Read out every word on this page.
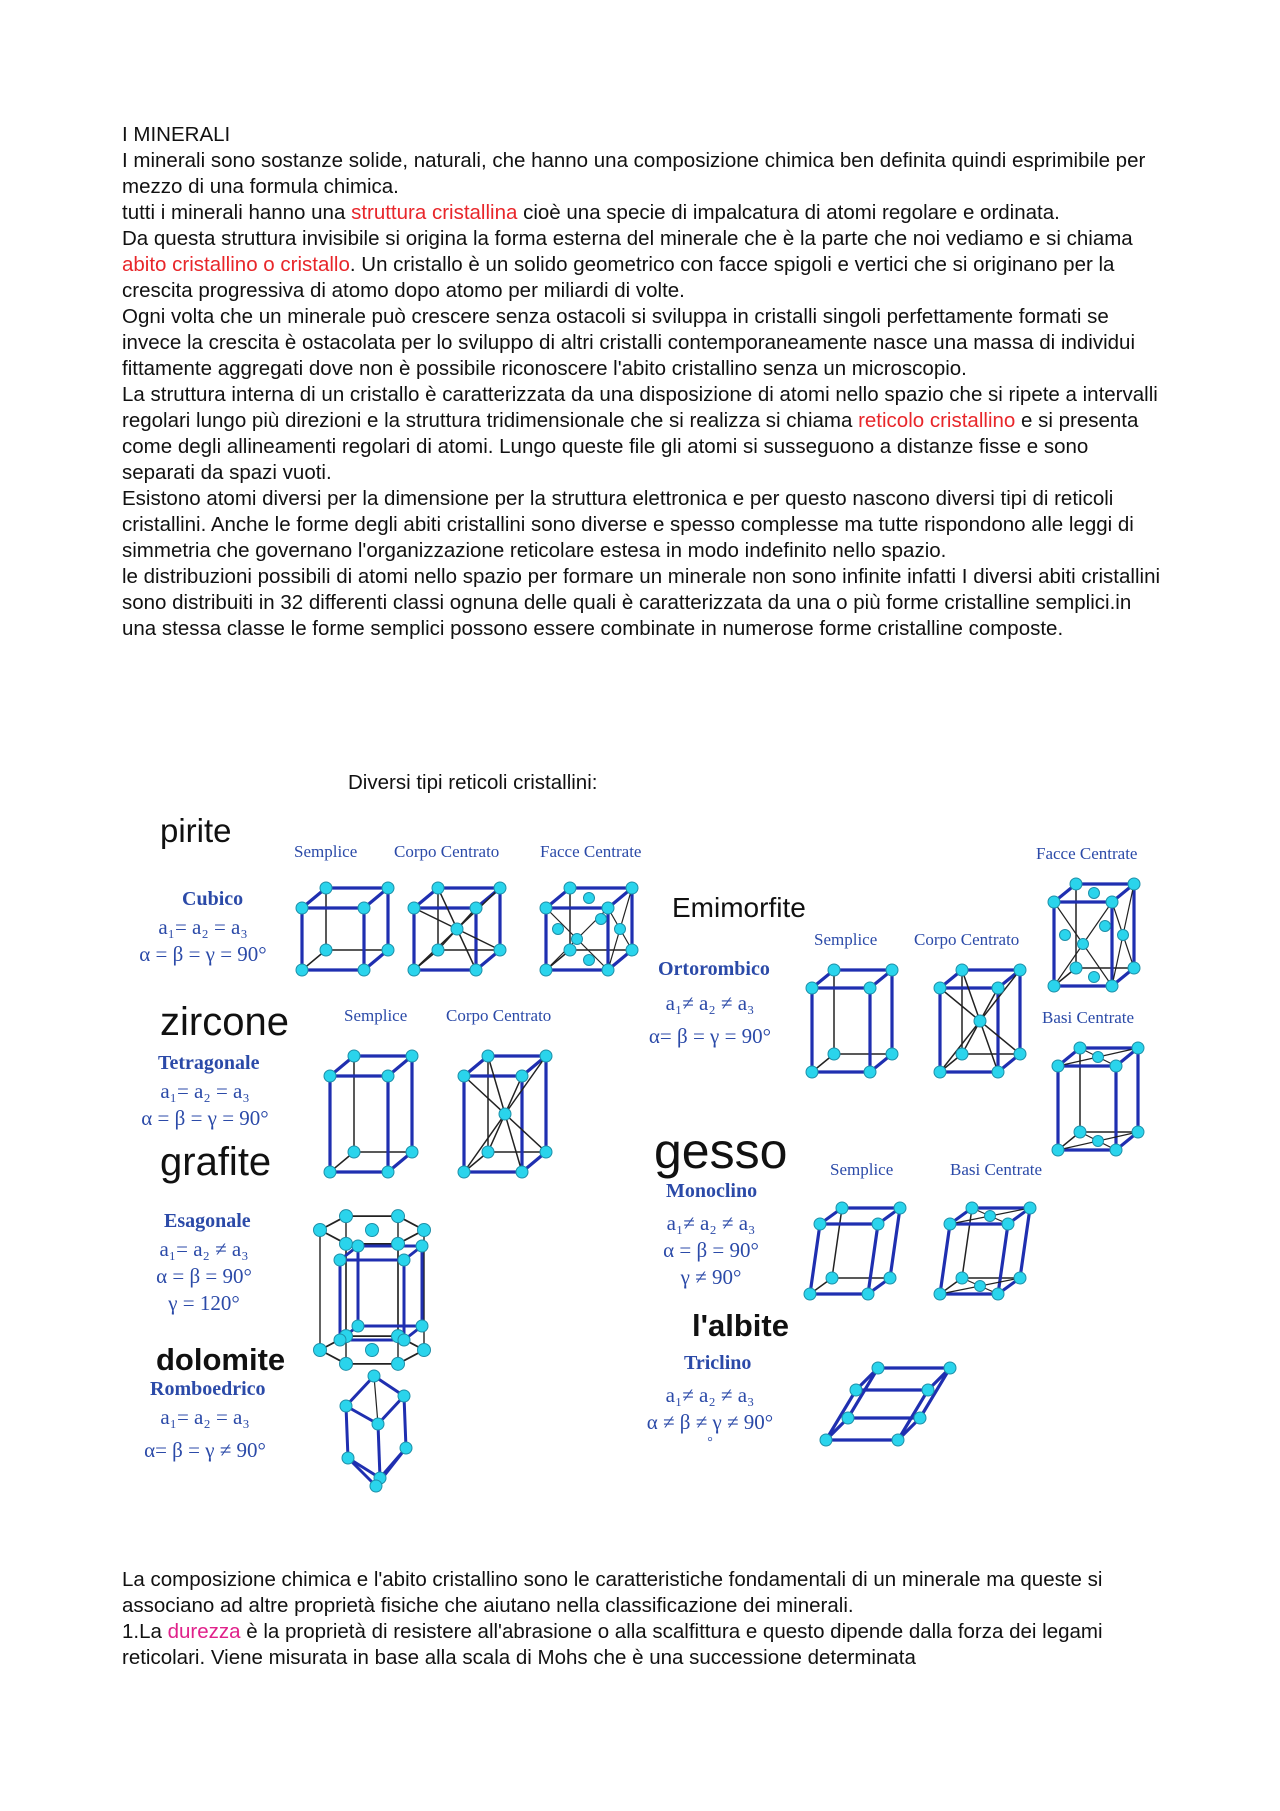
I MINERALI

I minerali sono sostanze solide, naturali, che hanno una composizione chimica ben definita quindi esprimibile per mezzo di una formula chimica.

tutti i minerali hanno una struttura cristallina cioè una specie di impalcatura di atomi regolare e ordinata.

Da questa struttura invisibile si origina la forma esterna del minerale che è la parte che noi vediamo e si chiama abito cristallino o cristallo. Un cristallo è un solido geometrico con facce spigoli e vertici che si originano per la crescita progressiva di atomo dopo atomo per miliardi di volte.

Ogni volta che un minerale può crescere senza ostacoli si sviluppa in cristalli singoli perfettamente formati se invece la crescita è ostacolata per lo sviluppo di altri cristalli contemporaneamente nasce una massa di individui fittamente aggregati dove non è possibile riconoscere l'abito cristallino senza un microscopio.

La struttura interna di un cristallo è caratterizzata da una disposizione di atomi nello spazio che si ripete a intervalli regolari lungo più direzioni e la struttura tridimensionale che si realizza si chiama reticolo cristallino e si presenta come degli allineamenti regolari di atomi. Lungo queste file gli atomi si susseguono a distanze fisse e sono separati da spazi vuoti.

Esistono atomi diversi per la dimensione per la struttura elettronica e per questo nascono diversi tipi di reticoli cristallini. Anche le forme degli abiti cristallini sono diverse e spesso complesse ma tutte rispondono alle leggi di simmetria che governano l'organizzazione reticolare estesa in modo indefinito nello spazio.

le distribuzioni possibili di atomi nello spazio per formare un minerale non sono infinite infatti I diversi abiti cristallini sono distribuiti in 32 differenti classi ognuna delle quali è caratterizzata da una o più forme cristalline semplici.in una stessa classe le forme semplici possono essere combinate in numerose forme cristalline composte.

Diversi tipi reticoli cristallini:
pirite
Emimorfite
zircone
grafite	gesso
dolomite
l'albite
Cubico
a₁= a₂ = a₃
α = β = γ = 90°
Tetragonale
a₁= a₂ = a₃
α = β = γ = 90°
Esagonale
a₁= a₂ ≠ a₃
α = β = 90°
γ = 120°
Romboedrico
a₁= a₂ = a₃
α= β = γ ≠ 90°
Ortorombico
a₁≠ a₂ ≠ a₃
α= β = γ = 90°
Monoclino
a₁≠ a₂ ≠ a₃
α = β = 90°
γ ≠ 90°
Triclino
a₁≠ a₂ ≠ a₃
α ≠ β ≠ γ ≠ 90°
°
Semplice Corpo Centrato Facce Centrate
Semplice Corpo Centrato
Semplice Corpo Centrato
Facce Centrate
Basi Centrate
Semplice	Basi Centrate

La composizione chimica e l'abito cristallino sono le caratteristiche fondamentali di un minerale ma queste si associano ad altre proprietà fisiche che aiutano nella classificazione dei minerali.

1.La durezza è la proprietà di resistere all'abrasione o alla scalfittura e questo dipende dalla forza dei legami reticolari. Viene misurata in base alla scala di Mohs che è una successione determinata
